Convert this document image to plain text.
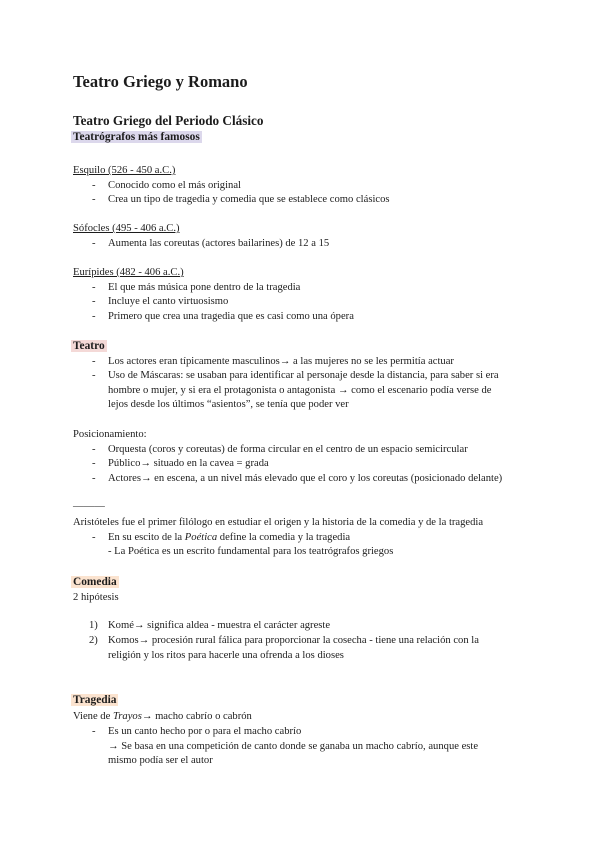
Teatro Griego y Romano
Teatro Griego del Periodo Clásico
Teatrógrafos más famosos
Esquilo (526 - 450 a.C.)
- Conocido como el más original
- Crea un tipo de tragedia y comedia que se establece como clásicos
Sófocles (495 - 406 a.C.)
- Aumenta las coreutas (actores bailarines) de 12 a 15
Eurípides (482 - 406 a.C.)
- El que más música pone dentro de la tragedia
- Incluye el canto virtuosismo
- Primero que crea una tragedia que es casi como una ópera
Teatro
- Los actores eran típicamente masculinos→ a las mujeres no se les permitía actuar
- Uso de Máscaras: se usaban para identificar al personaje desde la distancia, para saber si era
hombre o mujer, y si era el protagonista o antagonista → como el escenario podía verse de
lejos desde los últimos “asientos”, se tenía que poder ver
Posicionamiento:
- Orquesta (coros y coreutas) de forma circular en el centro de un espacio semicircular
- Público→ situado en la cavea = grada
- Actores→ en escena, a un nivel más elevado que el coro y los coreutas (posicionado delante)
———
Aristóteles fue el primer filólogo en estudiar el origen y la historia de la comedia y de la tragedia
- En su escito de la Poética define la comedia y la tragedia
- La Poética es un escrito fundamental para los teatrógrafos griegos
Comedia
2 hipótesis
1) Komé→ significa aldea - muestra el carácter agreste
2) Komos→ procesión rural fálica para proporcionar la cosecha - tiene una relación con la
religión y los ritos para hacerle una ofrenda a los dioses
Tragedia
Viene de Trayos→ macho cabrío o cabrón
- Es un canto hecho por o para el macho cabrío
→ Se basa en una competición de canto donde se ganaba un macho cabrío, aunque este
mismo podía ser el autor
